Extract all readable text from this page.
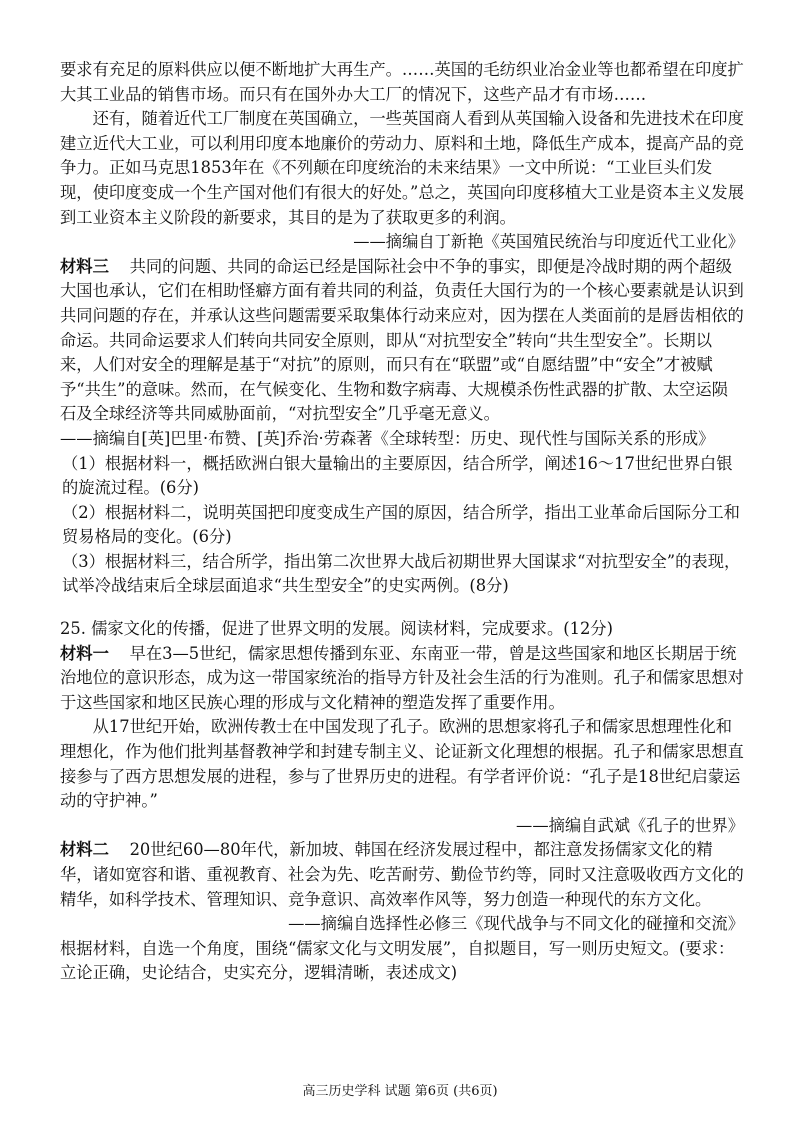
要求有充足的原料供应以便不断地扩大再生产。……英国的毛纺织业冶金业等也都希望在印度扩大其工业品的销售市场。而只有在国外办大工厂的情况下，这些产品才有市场……

还有，随着近代工厂制度在英国确立，一些英国商人看到从英国输入设备和先进技术在印度　建立近代大工业，可以利用印度本地廉价的劳动力、原料和土地，降低生产成本，提高产品的竞争力。正如马克思1853年在《不列颠在印度统治的未来结果》一文中所说：“工业巨头们发现，使印度变成一个生产国对他们有很大的好处。”总之，英国向印度移植大工业是资本主义发展到工业资本主义阶段的新要求，其目的是为了获取更多的利润。

——摘编自丁新艳《英国殖民统治与印度近代工业化》

材料三 共同的问题、共同的命运已经是国际社会中不争的事实，即便是冷战时期的两个超级大国也承认，它们在相助怪癖方面有着共同的利益，负责任大国行为的一个核心要素就是认识到共同问题的存在，并承认这些问题需要采取集体行动来应对，因为摆在人类面前的是唇齿相依的命运。共同命运要求人们转向共同安全原则，即从“对抗型安全”转向“共生型安全”。长期以来，人们对安全的理解是基于“对抗”的原则，而只有在“联盟”或“自愿结盟”中“安全”才被赋予“共生”的意味。然而，在气候变化、生物和数字病毒、大规模杀伤性武器的扩散、太空运陨石及全球经济等共同威胁面前，“对抗型安全”几乎毫无意义。

——摘编自[英]巴里·布赞、[英]乔治·劳森著《全球转型：历史、现代性与国际关系的形成》

（1）根据材料一，概括欧洲白银大量输出的主要原因，结合所学，阐述16～17世纪世界白银的旋流过程。(6分)

（2）根据材料二，说明英国把印度变成生产国的原因，结合所学，指出工业革命后国际分工和　贸易格局的变化。(6分)

（3）根据材料三，结合所学，指出第二次世界大战后初期世界大国谋求“对抗型安全”的表现，试举冷战结束后全球层面追求“共生型安全”的史实两例。(8分)

25. 儒家文化的传播，促进了世界文明的发展。阅读材料，完成要求。(12分)

材料一 早在3—5世纪，儒家思想传播到东亚、东南亚一带，曾是这些国家和地区长期居于统治地位的意识形态，成为这一带国家统治的指导方针及社会生活的行为准则。孔子和儒家思想对于这些国家和地区民族心理的形成与文化精神的塑造发挥了重要作用。

从17世纪开始，欧洲传教士在中国发现了孔子。欧洲的思想家将孔子和儒家思想理性化和理想化，作为他们批判基督教神学和封建专制主义、论证新文化理想的根据。孔子和儒家思想直接参与了西方思想发展的进程，参与了世界历史的进程。有学者评价说：“孔子是18世纪启蒙运动的守护神。”

——摘编自武斌《孔子的世界》

材料二 20世纪60—80年代，新加坡、韩国在经济发展过程中，都注意发扬儒家文化的精华，诸如宽容和谐、重视教育、社会为先、吃苦耐劳、勤俭节约等，同时又注意吸收西方文化的精华，如科学技术、管理知识、竞争意识、高效率作风等，努力创造一种现代的东方文化。

——摘编自选择性必修三《现代战争与不同文化的碰撞和交流》

根据材料，自选一个角度，围绕“儒家文化与文明发展”，自拟题目，写一则历史短文。(要求：立论正确，史论结合，史实充分，逻辑清晰，表述成文)

高三历史学科 试题 第6页 (共6页)
